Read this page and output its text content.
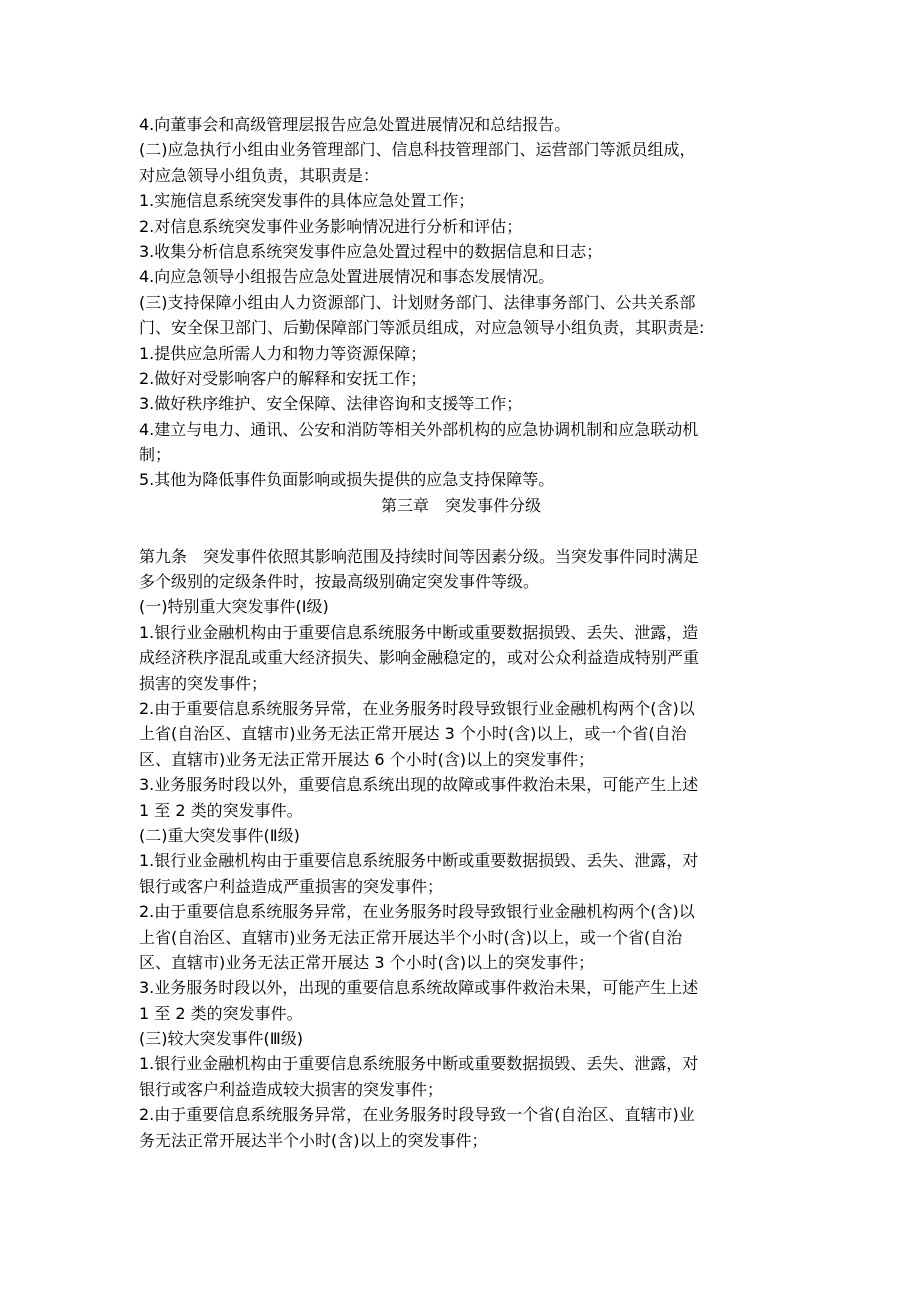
4.向董事会和高级管理层报告应急处置进展情况和总结报告。
(二)应急执行小组由业务管理部门、信息科技管理部门、运营部门等派员组成，
对应急领导小组负责，其职责是：
1.实施信息系统突发事件的具体应急处置工作；
2.对信息系统突发事件业务影响情况进行分析和评估；
3.收集分析信息系统突发事件应急处置过程中的数据信息和日志；
4.向应急领导小组报告应急处置进展情况和事态发展情况。
(三)支持保障小组由人力资源部门、计划财务部门、法律事务部门、公共关系部
门、安全保卫部门、后勤保障部门等派员组成，对应急领导小组负责，其职责是:
1.提供应急所需人力和物力等资源保障；
2.做好对受影响客户的解释和安抚工作；
3.做好秩序维护、安全保障、法律咨询和支援等工作；
4.建立与电力、通讯、公安和消防等相关外部机构的应急协调机制和应急联动机
制；
5.其他为降低事件负面影响或损失提供的应急支持保障等。
第三章　突发事件分级
第九条　突发事件依照其影响范围及持续时间等因素分级。当突发事件同时满足
多个级别的定级条件时，按最高级别确定突发事件等级。
(一)特别重大突发事件(Ⅰ级)
1.银行业金融机构由于重要信息系统服务中断或重要数据损毁、丢失、泄露，造
成经济秩序混乱或重大经济损失、影响金融稳定的，或对公众利益造成特别严重
损害的突发事件；
2.由于重要信息系统服务异常，在业务服务时段导致银行业金融机构两个(含)以
上省(自治区、直辖市)业务无法正常开展达 3 个小时(含)以上，或一个省(自治
区、直辖市)业务无法正常开展达 6 个小时(含)以上的突发事件；
3.业务服务时段以外，重要信息系统出现的故障或事件救治未果，可能产生上述
1 至 2 类的突发事件。
(二)重大突发事件(Ⅱ级)
1.银行业金融机构由于重要信息系统服务中断或重要数据损毁、丢失、泄露，对
银行或客户利益造成严重损害的突发事件；
2.由于重要信息系统服务异常，在业务服务时段导致银行业金融机构两个(含)以
上省(自治区、直辖市)业务无法正常开展达半个小时(含)以上，或一个省(自治
区、直辖市)业务无法正常开展达 3 个小时(含)以上的突发事件；
3.业务服务时段以外，出现的重要信息系统故障或事件救治未果，可能产生上述
1 至 2 类的突发事件。
(三)较大突发事件(Ⅲ级)
1.银行业金融机构由于重要信息系统服务中断或重要数据损毁、丢失、泄露，对
银行或客户利益造成较大损害的突发事件；
2.由于重要信息系统服务异常，在业务服务时段导致一个省(自治区、直辖市)业
务无法正常开展达半个小时(含)以上的突发事件；
